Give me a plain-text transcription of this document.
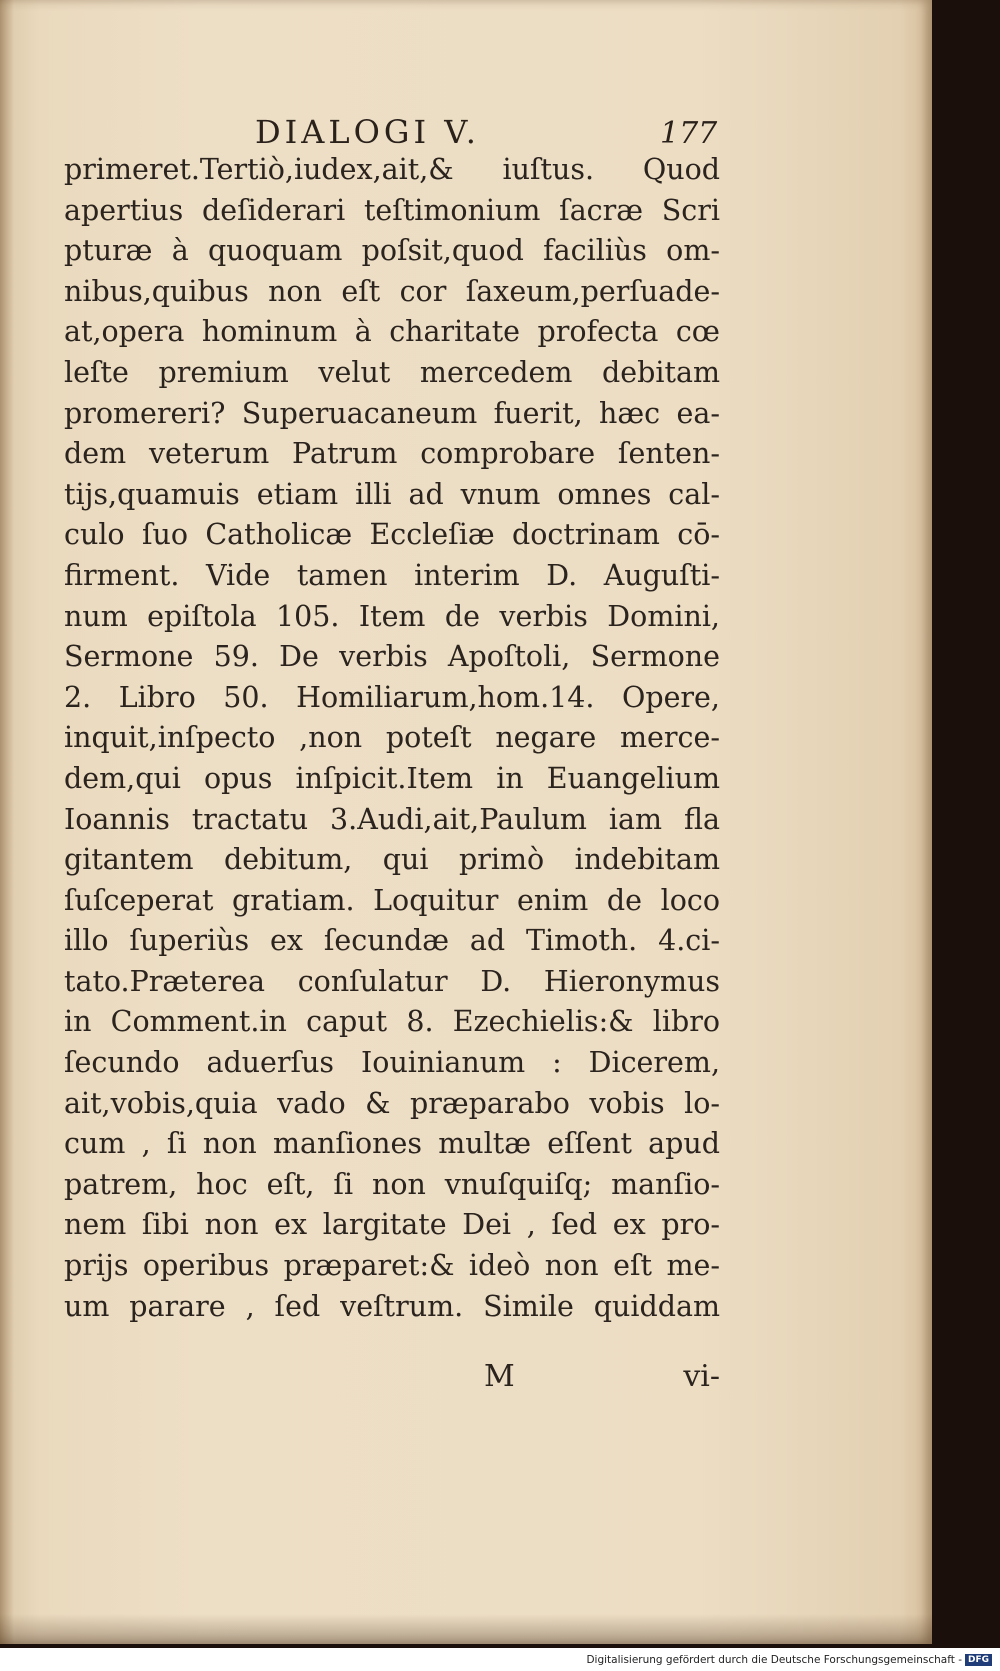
DIALOGI V.	177
primeret.Tertiò,iudex,ait,& iuſtus. Quod
apertius deſiderari teſtimonium ſacræ Scri
pturæ à quoquam poſsit,quod faciliùs om-
nibus,quibus non eſt cor ſaxeum,perſuade-
at,opera hominum à charitate profecta cœ
leſte premium velut mercedem debitam
promereri? Superuacaneum fuerit, hæc ea-
dem veterum Patrum comprobare ſenten-
tijs,quamuis etiam illi ad vnum omnes cal-
culo ſuo Catholicæ Eccleſiæ doctrinam cō-
firment. Vide tamen interim D. Auguſti-
num epiſtola 105. Item de verbis Domini,
Sermone 59. De verbis Apoſtoli, Sermone
2. Libro 50. Homiliarum,hom.14. Opere,
inquit,inſpecto ,non poteſt negare merce-
dem,qui opus inſpicit.Item in Euangelium
Ioannis tractatu 3.Audi,ait,Paulum iam fla
gitantem debitum, qui primò indebitam
ſuſceperat gratiam. Loquitur enim de loco
illo ſuperiùs ex ſecundæ ad Timoth. 4.ci-
tato.Præterea conſulatur D. Hieronymus
in Comment.in caput 8. Ezechielis:& libro
ſecundo aduerſus Iouinianum : Dicerem,
ait,vobis,quia vado & præparabo vobis lo-
cum , ſi non manſiones multæ eſſent apud
patrem, hoc eſt, ſi non vnuſquiſq; manſio-
nem ſibi non ex largitate Dei , ſed ex pro-
prijs operibus præparet:& ideò non eſt me-
um parare , ſed veſtrum. Simile quiddam
M	vi-
Digitalisierung gefördert durch die Deutsche Forschungsgemeinschaft - DFG
